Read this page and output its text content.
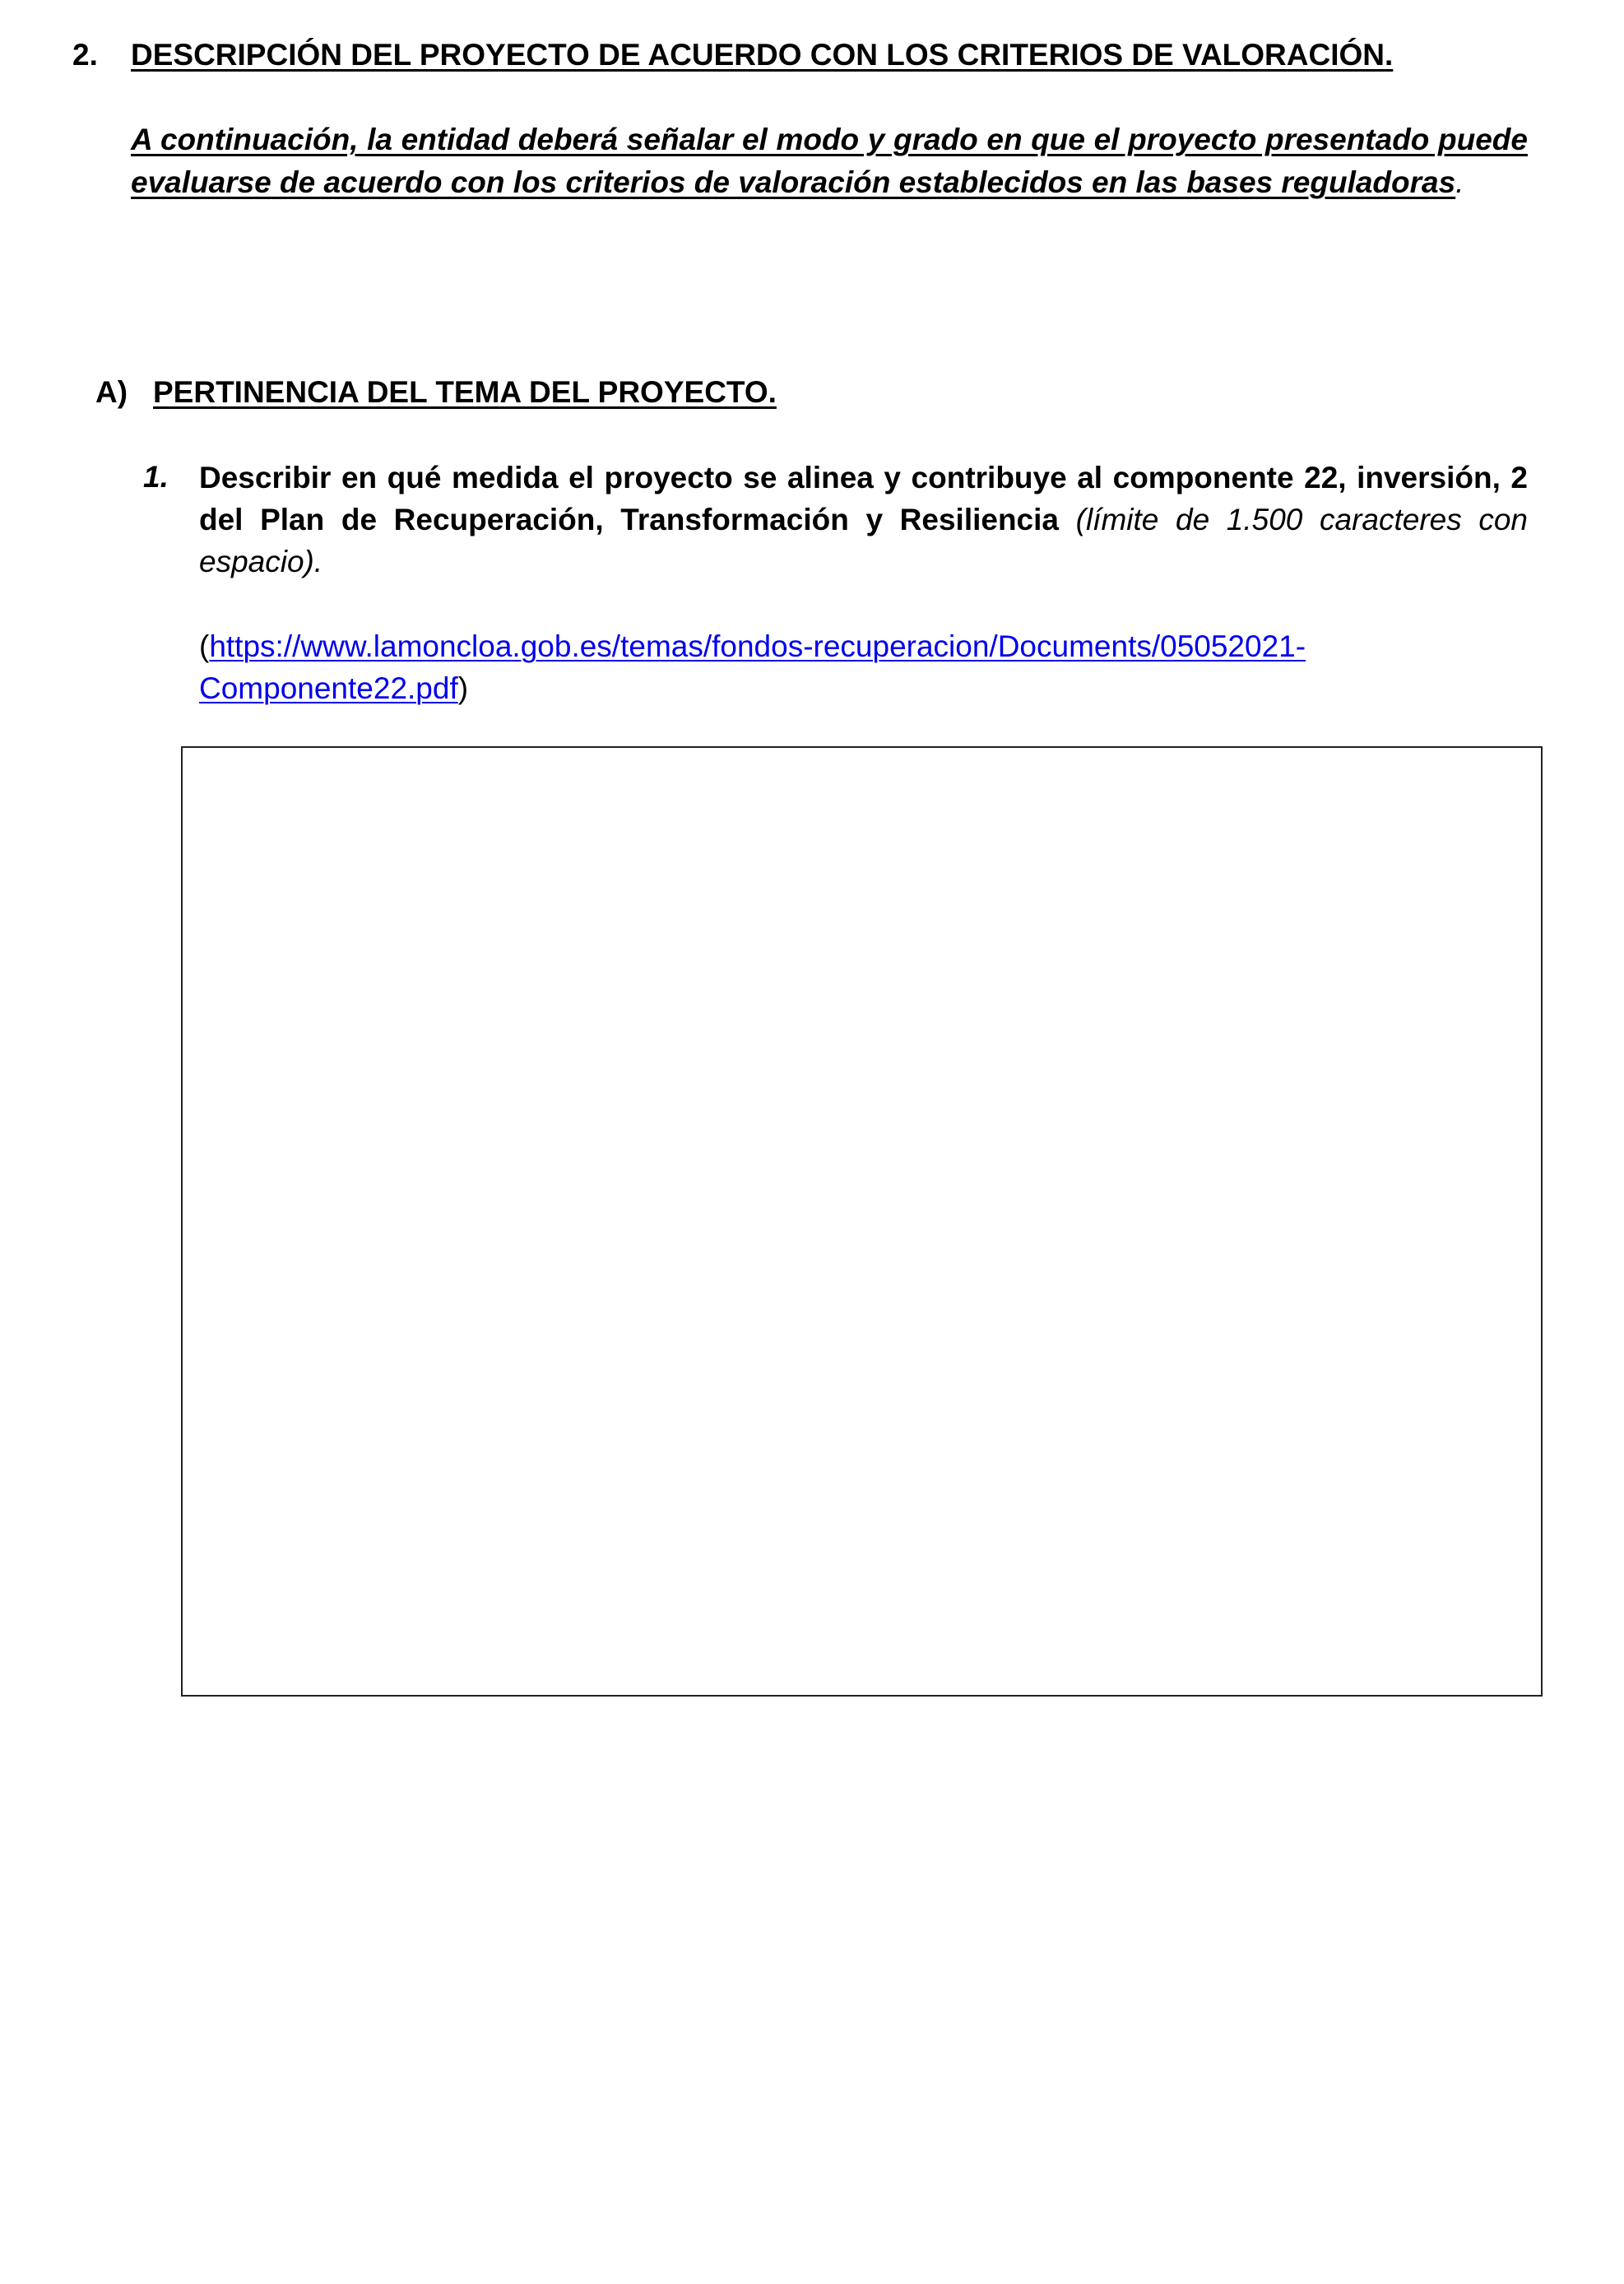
2. DESCRIPCIÓN DEL PROYECTO DE ACUERDO CON LOS CRITERIOS DE VALORACIÓN.
A continuación, la entidad deberá señalar el modo y grado en que el proyecto presentado puede evaluarse de acuerdo con los criterios de valoración establecidos en las bases reguladoras.
A) PERTINENCIA DEL TEMA DEL PROYECTO.
1. Describir en qué medida el proyecto se alinea y contribuye al componente 22, inversión, 2 del Plan de Recuperación, Transformación y Resiliencia (límite de 1.500 caracteres con espacio).
(https://www.lamoncloa.gob.es/temas/fondos-recuperacion/Documents/05052021-
Componente22.pdf)
